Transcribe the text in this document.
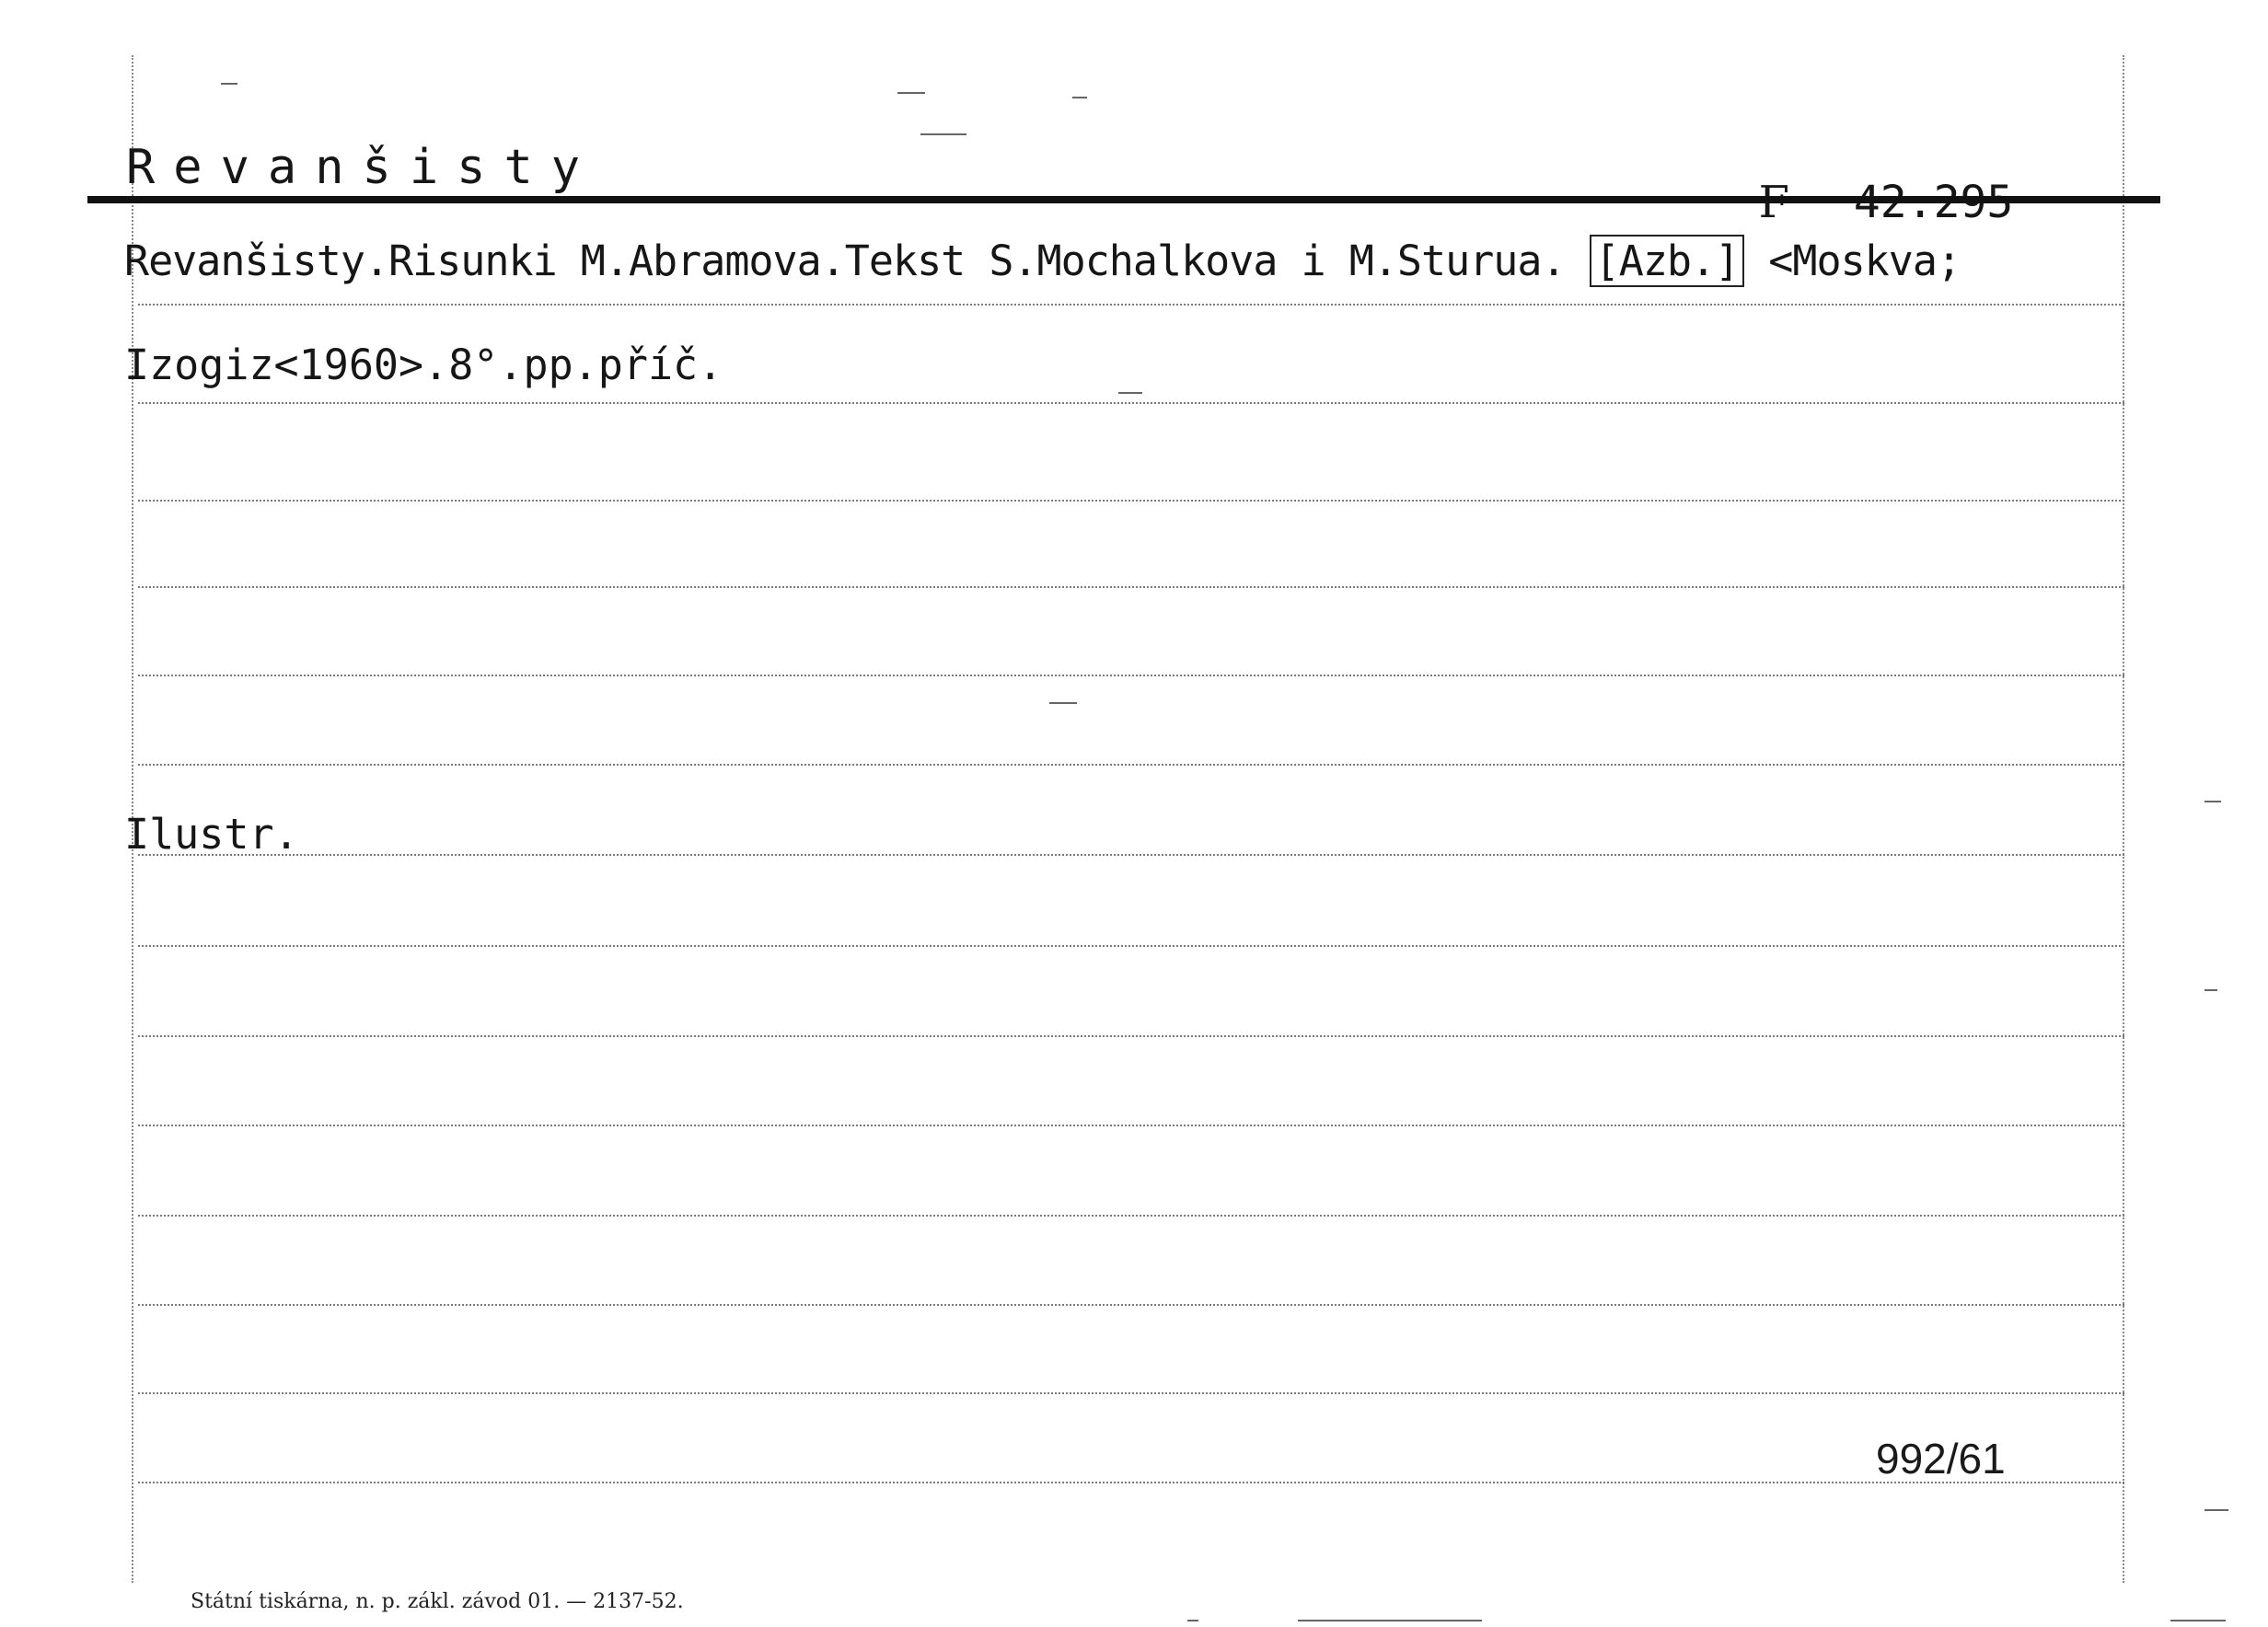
Revanšisty

Revanšisty.Risunki M.Abramova.Tekst S.Mochalkova i M.Sturua. [Azb.] <Moskva;
Izogiz<1960>.8°.pp.příč.
Ilustr.
992/61
Státní tiskárna, n. p. zákl. závod 01. — 2137-52.
